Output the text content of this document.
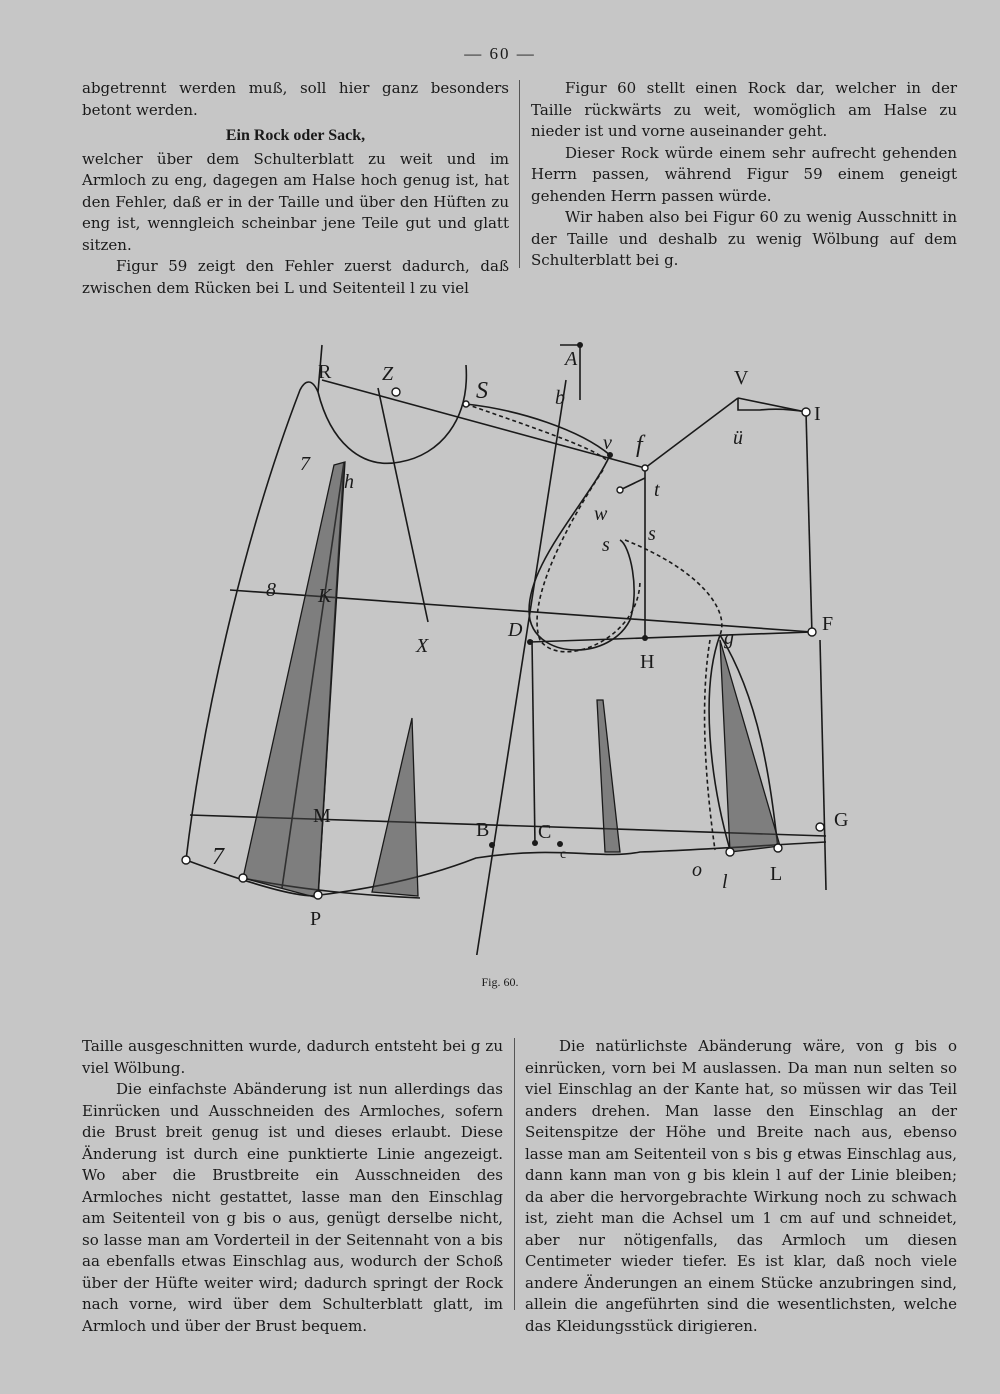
— 60 —

abgetrennt werden muß, soll hier ganz besonders betont werden.

Ein Rock oder Sack,

welcher über dem Schulterblatt zu weit und im Armloch zu eng, dagegen am Halse hoch genug ist, hat den Fehler, daß er in der Taille und über den Hüften zu eng ist, wenngleich scheinbar jene Teile gut und glatt sitzen.

Figur 59 zeigt den Fehler zuerst dadurch, daß zwischen dem Rücken bei L und Seitenteil l zu viel

Figur 60 stellt einen Rock dar, welcher in der Taille rückwärts zu weit, womöglich am Halse zu nieder ist und vorne auseinander geht.

Dieser Rock würde einem sehr aufrecht gehenden Herrn passen, während Figur 59 einem geneigt gehenden Herrn passen würde.

Wir haben also bei Figur 60 zu wenig Ausschnitt in der Taille und deshalb zu wenig Wölbung auf dem Schulterblatt bei g.

R	Z
S
A
b
V
I
ü
v f
t
w
s s
7
h
8 K
X
D
H
g
F
M
B C
c
G
7
P
o
l L
Fig. 60.

Taille ausgeschnitten wurde, dadurch entsteht bei g zu viel Wölbung.

Die einfachste Abänderung ist nun allerdings das Einrücken und Ausschneiden des Armloches, sofern die Brust breit genug ist und dieses erlaubt. Diese Änderung ist durch eine punktierte Linie angezeigt. Wo aber die Brustbreite ein Ausschneiden des Armloches nicht gestattet, lasse man den Einschlag am Seitenteil von g bis o aus, genügt derselbe nicht, so lasse man am Vorderteil in der Seitennaht von a bis aa ebenfalls etwas Einschlag aus, wodurch der Schoß über der Hüfte weiter wird; dadurch springt der Rock nach vorne, wird über dem Schulterblatt glatt, im Armloch und über der Brust bequem.

Die natürlichste Abänderung wäre, von g bis o einrücken, vorn bei M auslassen. Da man nun selten so viel Einschlag an der Kante hat, so müssen wir das Teil anders drehen. Man lasse den Einschlag an der Seitenspitze der Höhe und Breite nach aus, ebenso lasse man am Seitenteil von s bis g etwas Einschlag aus, dann kann man von g bis klein l auf der Linie bleiben; da aber die hervorgebrachte Wirkung noch zu schwach ist, zieht man die Achsel um 1 cm auf und schneidet, aber nur nötigenfalls, das Armloch um diesen Centimeter wieder tiefer. Es ist klar, daß noch viele andere Änderungen an einem Stücke anzubringen sind, allein die angeführten sind die wesentlichsten, welche das Kleidungsstück dirigieren.
